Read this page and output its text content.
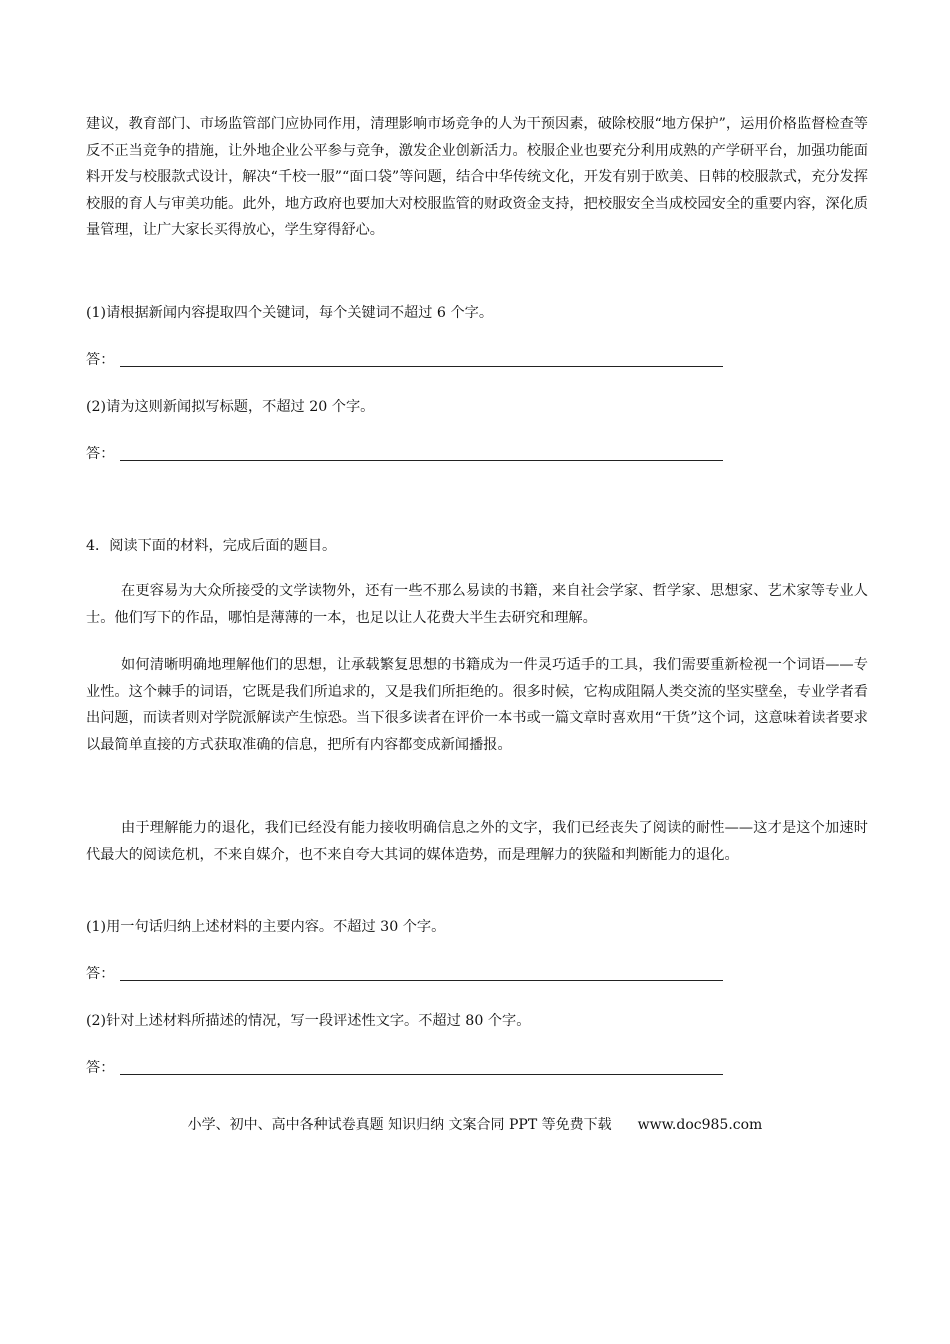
建议，教育部门、市场监管部门应协同作用，清理影响市场竞争的人为干预因素，破除校服“地方保护”，运用价格监督检查等反不正当竞争的措施，让外地企业公平参与竞争，激发企业创新活力。校服企业也要充分利用成熟的产学研平台，加强功能面料开发与校服款式设计，解决“千校一服”“面口袋”等问题，结合中华传统文化，开发有别于欧美、日韩的校服款式，充分发挥校服的育人与审美功能。此外，地方政府也要加大对校服监管的财政资金支持，把校服安全当成校园安全的重要内容，深化质量管理，让广大家长买得放心，学生穿得舒心。

(1)请根据新闻内容提取四个关键词，每个关键词不超过 6 个字。

答：

(2)请为这则新闻拟写标题，不超过 20 个字。

答：

4．阅读下面的材料，完成后面的题目。

在更容易为大众所接受的文学读物外，还有一些不那么易读的书籍，来自社会学家、哲学家、思想家、艺术家等专业人士。他们写下的作品，哪怕是薄薄的一本，也足以让人花费大半生去研究和理解。

如何清晰明确地理解他们的思想，让承载繁复思想的书籍成为一件灵巧适手的工具，我们需要重新检视一个词语——专业性。这个棘手的词语，它既是我们所追求的，又是我们所拒绝的。很多时候，它构成阻隔人类交流的坚实壁垒，专业学者看出问题，而读者则对学院派解读产生惊恐。当下很多读者在评价一本书或一篇文章时喜欢用“干货”这个词，这意味着读者要求以最简单直接的方式获取准确的信息，把所有内容都变成新闻播报。

由于理解能力的退化，我们已经没有能力接收明确信息之外的文字，我们已经丧失了阅读的耐性——这才是这个加速时代最大的阅读危机，不来自媒介，也不来自夸大其词的媒体造势，而是理解力的狭隘和判断能力的退化。

(1)用一句话归纳上述材料的主要内容。不超过 30 个字。

答：

(2)针对上述材料所描述的情况，写一段评述性文字。不超过 80 个字。

答：
小学、初中、高中各种试卷真题 知识归纳 文案合同 PPT 等免费下载 www.doc985.com
